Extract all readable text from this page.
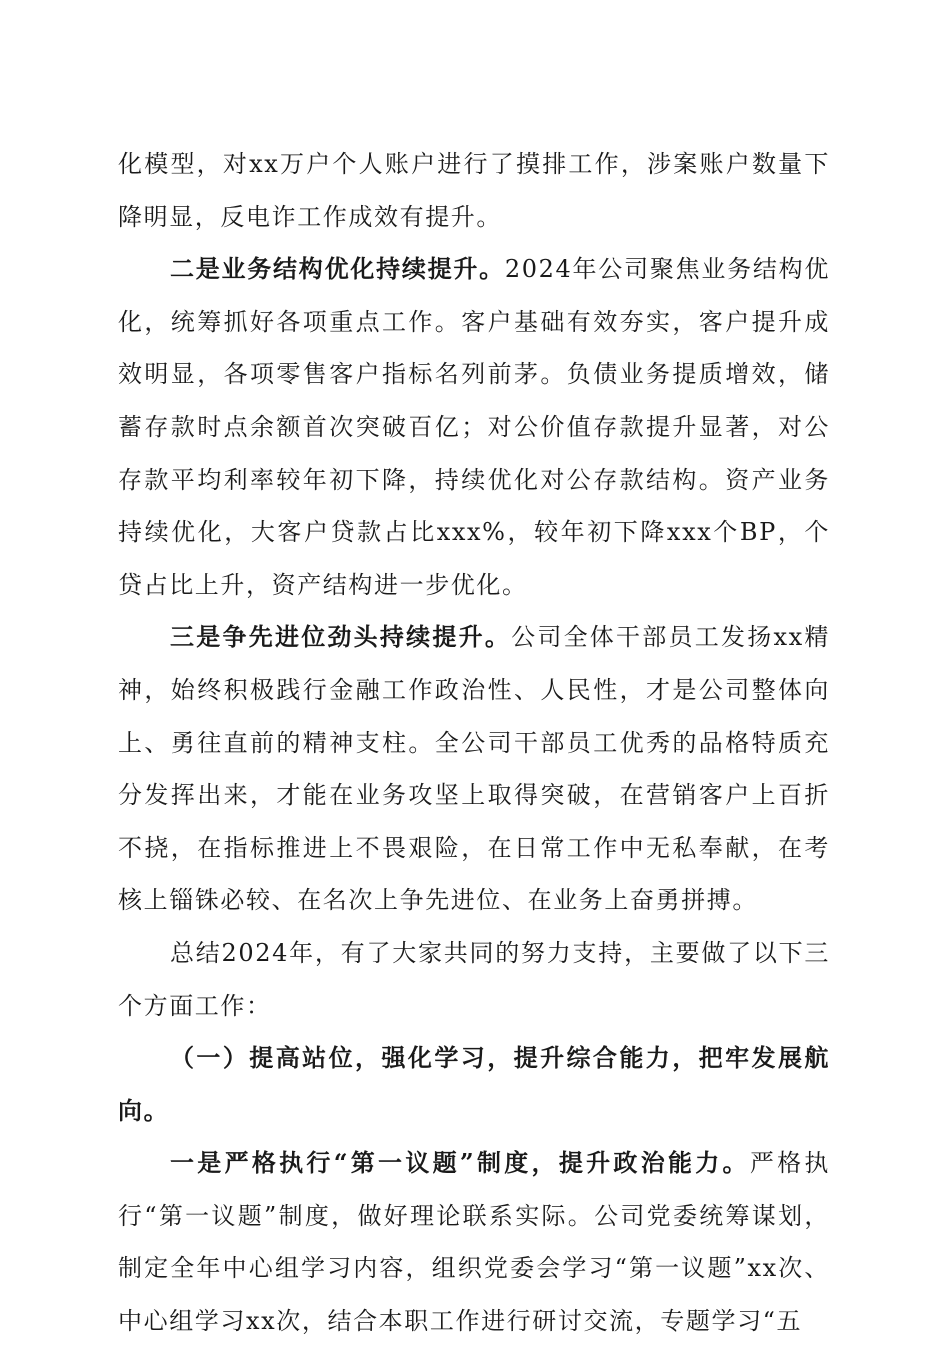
化模型，对xx万户个人账户进行了摸排工作，涉案账户数量下降明显，反电诈工作成效有提升。

二是业务结构优化持续提升。2024年公司聚焦业务结构优化，统筹抓好各项重点工作。客户基础有效夯实，客户提升成效明显，各项零售客户指标名列前茅。负债业务提质增效，储蓄存款时点余额首次突破百亿；对公价值存款提升显著，对公存款平均利率较年初下降，持续优化对公存款结构。资产业务持续优化，大客户贷款占比xxx%，较年初下降xxx个BP，个贷占比上升，资产结构进一步优化。

三是争先进位劲头持续提升。公司全体干部员工发扬xx精神，始终积极践行金融工作政治性、人民性，才是公司整体向上、勇往直前的精神支柱。全公司干部员工优秀的品格特质充分发挥出来，才能在业务攻坚上取得突破，在营销客户上百折不挠，在指标推进上不畏艰险，在日常工作中无私奉献，在考核上锱铢必较、在名次上争先进位、在业务上奋勇拼搏。

总结2024年，有了大家共同的努力支持，主要做了以下三个方面工作：

（一）提高站位，强化学习，提升综合能力，把牢发展航向。

一是严格执行“第一议题”制度，提升政治能力。严格执行“第一议题”制度，做好理论联系实际。公司党委统筹谋划，制定全年中心组学习内容，组织党委会学习“第一议题”xx次、中心组学习xx次，结合本职工作进行研讨交流，专题学习“五
